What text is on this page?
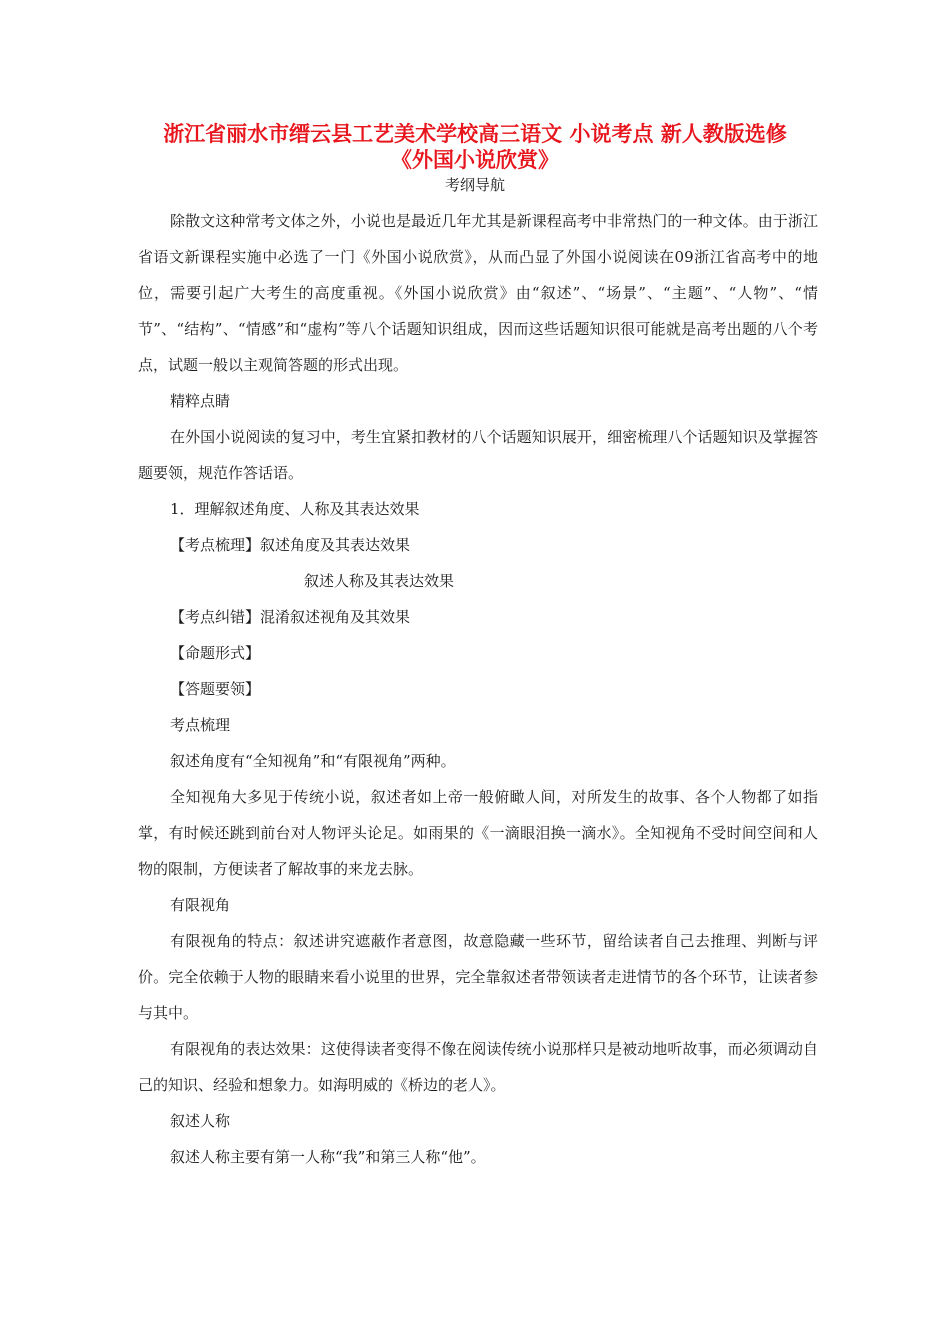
浙江省丽水市缙云县工艺美术学校高三语文 小说考点 新人教版选修
《外国小说欣赏》
考纲导航

除散文这种常考文体之外，小说也是最近几年尤其是新课程高考中非常热门的一种文体。由于浙江省语文新课程实施中必选了一门《外国小说欣赏》，从而凸显了外国小说阅读在09浙江省高考中的地位，需要引起广大考生的高度重视。《外国小说欣赏》由“叙述”、“场景”、“主题”、“人物”、“情节”、“结构”、“情感”和“虚构”等八个话题知识组成，因而这些话题知识很可能就是高考出题的八个考点，试题一般以主观简答题的形式出现。

精粹点睛

在外国小说阅读的复习中，考生宜紧扣教材的八个话题知识展开，细密梳理八个话题知识及掌握答题要领，规范作答话语。

1．理解叙述角度、人称及其表达效果

【考点梳理】叙述角度及其表达效果

叙述人称及其表达效果

【考点纠错】混淆叙述视角及其效果

【命题形式】

【答题要领】

考点梳理

叙述角度有“全知视角”和“有限视角”两种。

全知视角大多见于传统小说，叙述者如上帝一般俯瞰人间，对所发生的故事、各个人物都了如指掌，有时候还跳到前台对人物评头论足。如雨果的《一滴眼泪换一滴水》。全知视角不受时间空间和人物的限制，方便读者了解故事的来龙去脉。

有限视角

有限视角的特点：叙述讲究遮蔽作者意图，故意隐藏一些环节，留给读者自己去推理、判断与评价。完全依赖于人物的眼睛来看小说里的世界，完全靠叙述者带领读者走进情节的各个环节，让读者参与其中。

有限视角的表达效果：这使得读者变得不像在阅读传统小说那样只是被动地听故事，而必须调动自己的知识、经验和想象力。如海明威的《桥边的老人》。

叙述人称

叙述人称主要有第一人称“我”和第三人称“他”。
